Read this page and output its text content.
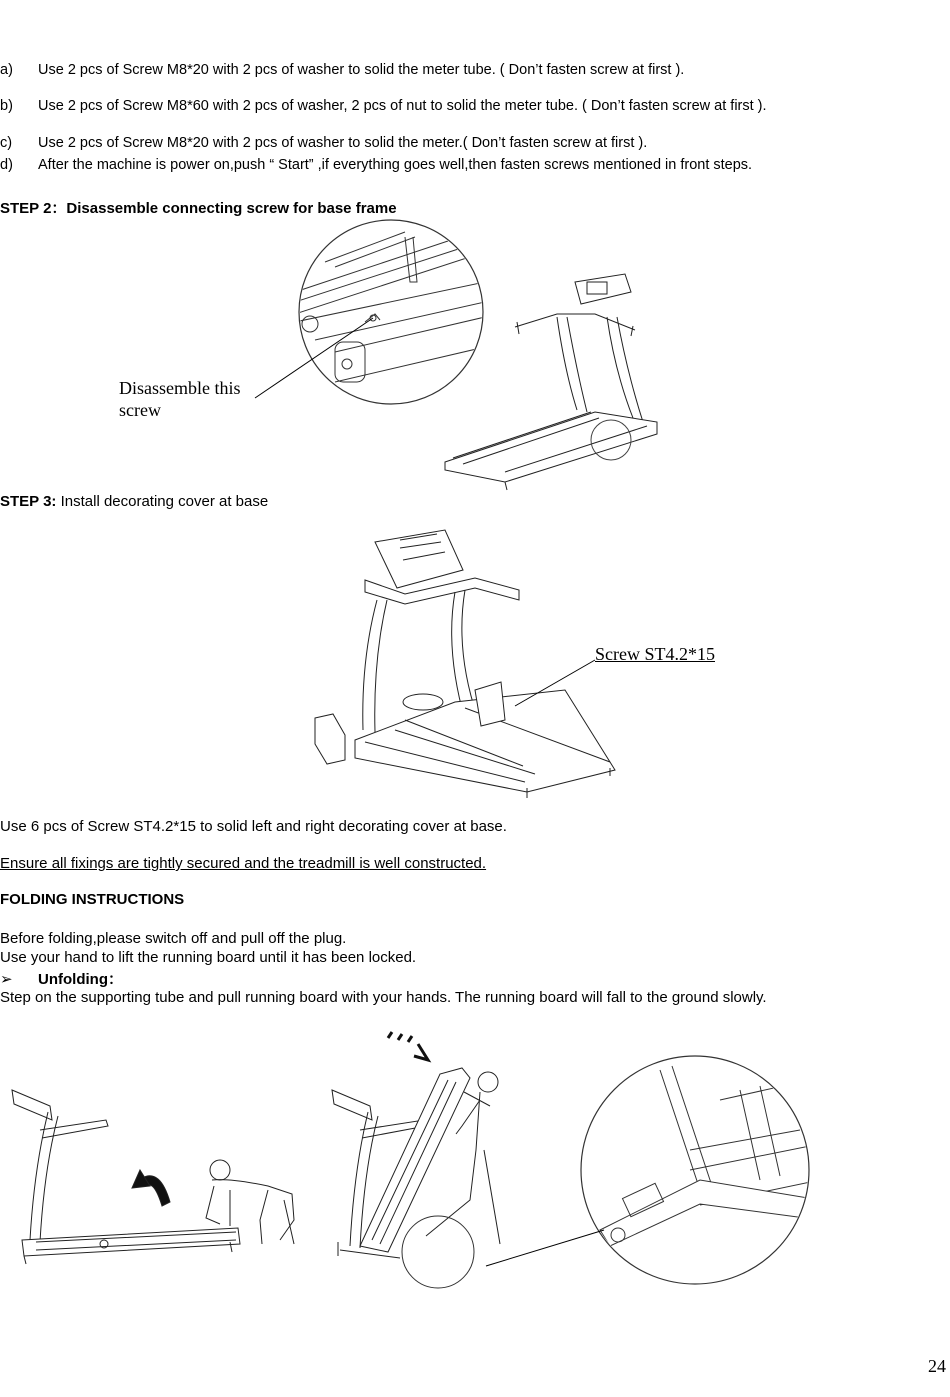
a) Use 2 pcs of Screw M8*20 with 2 pcs of washer to solid the meter tube. ( Don’t fasten screw at first ).
b) Use 2 pcs of Screw M8*60 with 2 pcs of washer, 2 pcs of nut to solid the meter tube. ( Don’t fasten screw at first ).
c) Use 2 pcs of Screw M8*20 with 2 pcs of washer to solid the meter.( Don’t fasten screw at first ).
d) After the machine is power on,push “ Start” ,if everything goes well,then fasten screws mentioned in front steps.
STEP 2：Disassemble connecting screw for base frame
Disassemble this
screw
STEP 3: Install decorating cover at base
Screw ST4.2*15
Use 6 pcs of Screw ST4.2*15 to solid left and right decorating cover at base.
Ensure all fixings are tightly secured and the treadmill is well constructed.
FOLDING INSTRUCTIONS
Before folding,please switch off and pull off the plug.
Use your hand to lift the running board until it has been locked.
➢ Unfolding：
Step on the supporting tube and pull running board with your hands. The running board will fall to the ground slowly.
24
